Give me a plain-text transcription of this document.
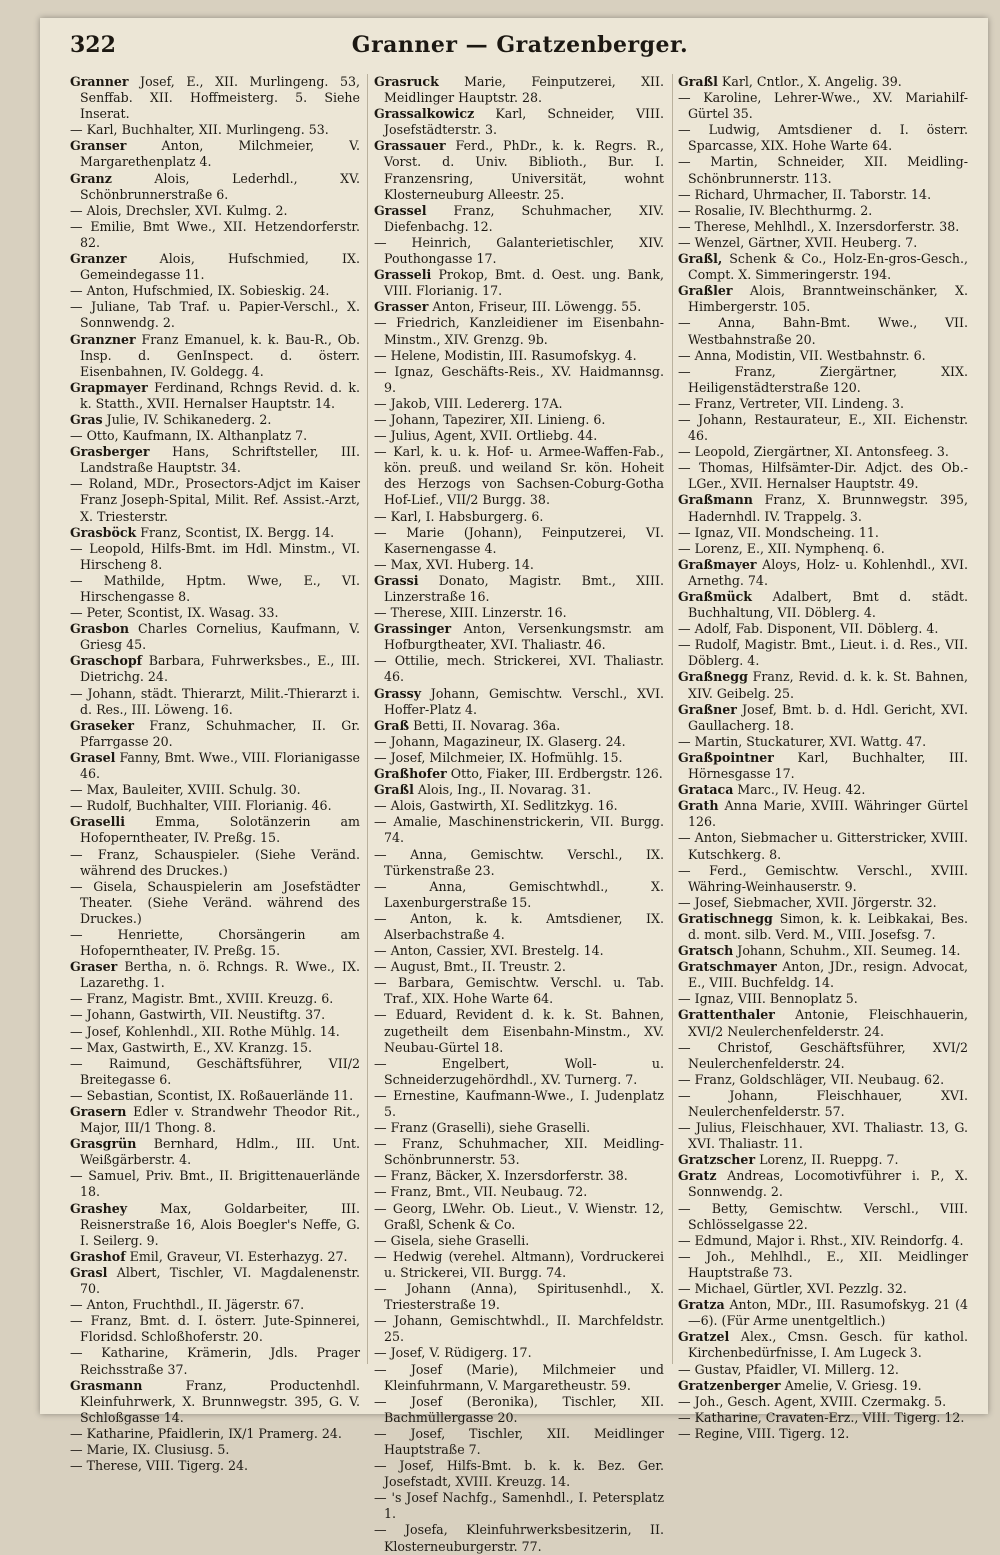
322	Granner — Gratzenberger.
Granner Josef, E., XII. Murlingeng. 53, Senffab. XII. Hoffmeisterg. 5. Siehe Inserat.
— Karl, Buchhalter, XII. Murlingeng. 53.
Granser Anton, Milchmeier, V. Margarethenplatz 4.
Granz Alois, Lederhdl., XV. Schönbrunnerstraße 6.
— Alois, Drechsler, XVI. Kulmg. 2.
— Emilie, Bmt Wwe., XII. Hetzendorferstr. 82.
Granzer Alois, Hufschmied, IX. Gemeindegasse 11.
— Anton, Hufschmied, IX. Sobieskig. 24.
— Juliane, Tab Traf. u. Papier-Verschl., X. Sonnwendg. 2.
Granzner Franz Emanuel, k. k. Bau-R., Ob. Insp. d. GenInspect. d. österr. Eisenbahnen, IV. Goldegg. 4.
Grapmayer Ferdinand, Rchngs Revid. d. k. k. Statth., XVII. Hernalser Hauptstr. 14.
Gras Julie, IV. Schikanederg. 2.
— Otto, Kaufmann, IX. Althanplatz 7.
Grasberger Hans, Schriftsteller, III. Landstraße Hauptstr. 34.
— Roland, MDr., Prosectors-Adjct im Kaiser Franz Joseph-Spital, Milit. Ref. Assist.-Arzt, X. Triesterstr.
Grasböck Franz, Scontist, IX. Bergg. 14.
— Leopold, Hilfs-Bmt. im Hdl. Minstm., VI. Hirscheng 8.
— Mathilde, Hptm. Wwe, E., VI. Hirschengasse 8.
— Peter, Scontist, IX. Wasag. 33.
Grasbon Charles Cornelius, Kaufmann, V. Griesg 45.
Graschopf Barbara, Fuhrwerksbes., E., III. Dietrichg. 24.
— Johann, städt. Thierarzt, Milit.-Thierarzt i. d. Res., III. Löweng. 16.
Graseker Franz, Schuhmacher, II. Gr. Pfarrgasse 20.
Grasel Fanny, Bmt. Wwe., VIII. Florianigasse 46.
— Max, Bauleiter, XVIII. Schulg. 30.
— Rudolf, Buchhalter, VIII. Florianig. 46.
Graselli Emma, Solotänzerin am Hofoperntheater, IV. Preßg. 15.
— Franz, Schauspieler. (Siehe Veränd. während des Druckes.)
— Gisela, Schauspielerin am Josefstädter Theater. (Siehe Veränd. während des Druckes.)
— Henriette, Chorsängerin am Hofoperntheater, IV. Preßg. 15.
Graser Bertha, n. ö. Rchngs. R. Wwe., IX. Lazarethg. 1.
— Franz, Magistr. Bmt., XVIII. Kreuzg. 6.
— Johann, Gastwirth, VII. Neustiftg. 37.
— Josef, Kohlenhdl., XII. Rothe Mühlg. 14.
— Max, Gastwirth, E., XV. Kranzg. 15.
— Raimund, Geschäftsführer, VII/2 Breitegasse 6.
— Sebastian, Scontist, IX. Roßauerlände 11.
Grasern Edler v. Strandwehr Theodor Rit., Major, III/1 Thong. 8.
Grasgrün Bernhard, Hdlm., III. Unt. Weißgärberstr. 4.
— Samuel, Priv. Bmt., II. Brigittenauerlände 18.
Grashey Max, Goldarbeiter, III. Reisnerstraße 16, Alois Boegler's Neffe, G. I. Seilerg. 9.
Grashof Emil, Graveur, VI. Esterhazyg. 27.
Grasl Albert, Tischler, VI. Magdalenenstr. 70.
— Anton, Fruchthdl., II. Jägerstr. 67.
— Franz, Bmt. d. I. österr. Jute-Spinnerei, Floridsd. Schloßhoferstr. 20.
— Katharine, Krämerin, Jdls. Prager Reichsstraße 37.
Grasmann Franz, Productenhdl. Kleinfuhrwerk, X. Brunnwegstr. 395, G. V. Schloßgasse 14.
— Katharine, Pfaidlerin, IX/1 Pramerg. 24.
— Marie, IX. Clusiusg. 5.
— Therese, VIII. Tigerg. 24.
Grasruck Marie, Feinputzerei, XII. Meidlinger Hauptstr. 28.
Grassalkowicz Karl, Schneider, VIII. Josefstädterstr. 3.
Grassauer Ferd., PhDr., k. k. Regrs. R., Vorst. d. Univ. Biblioth., Bur. I. Franzensring, Universität, wohnt Klosterneuburg Alleestr. 25.
Grassel Franz, Schuhmacher, XIV. Diefenbachg. 12.
— Heinrich, Galanterietischler, XIV. Pouthongasse 17.
Grasseli Prokop, Bmt. d. Oest. ung. Bank, VIII. Florianig. 17.
Grasser Anton, Friseur, III. Löwengg. 55.
— Friedrich, Kanzleidiener im Eisenbahn-Minstm., XIV. Grenzg. 9b.
— Helene, Modistin, III. Rasumofskyg. 4.
— Ignaz, Geschäfts-Reis., XV. Haidmannsg. 9.
— Jakob, VIII. Ledererg. 17A.
— Johann, Tapezirer, XII. Linieng. 6.
— Julius, Agent, XVII. Ortliebg. 44.
— Karl, k. u. k. Hof- u. Armee-Waffen-Fab., kön. preuß. und weiland Sr. kön. Hoheit des Herzogs von Sachsen-Coburg-Gotha Hof-Lief., VII/2 Burgg. 38.
— Karl, I. Habsburgerg. 6.
— Marie (Johann), Feinputzerei, VI. Kasernengasse 4.
— Max, XVI. Huberg. 14.
Grassi Donato, Magistr. Bmt., XIII. Linzerstraße 16.
— Therese, XIII. Linzerstr. 16.
Grassinger Anton, Versenkungsmstr. am Hofburgtheater, XVI. Thaliastr. 46.
— Ottilie, mech. Strickerei, XVI. Thaliastr. 46.
Grassy Johann, Gemischtw. Verschl., XVI. Hoffer-Platz 4.
Graß Betti, II. Novarag. 36a.
— Johann, Magazineur, IX. Glaserg. 24.
— Josef, Milchmeier, IX. Hofmühlg. 15.
Graßhofer Otto, Fiaker, III. Erdbergstr. 126.
Graßl Alois, Ing., II. Novarag. 31.
— Alois, Gastwirth, XI. Sedlitzkyg. 16.
— Amalie, Maschinenstrickerin, VII. Burgg. 74.
— Anna, Gemischtw. Verschl., IX. Türkenstraße 23.
— Anna, Gemischtwhdl., X. Laxenburgerstraße 15.
— Anton, k. k. Amtsdiener, IX. Alserbachstraße 4.
— Anton, Cassier, XVI. Brestelg. 14.
— August, Bmt., II. Treustr. 2.
— Barbara, Gemischtw. Verschl. u. Tab. Traf., XIX. Hohe Warte 64.
— Eduard, Revident d. k. k. St. Bahnen, zugetheilt dem Eisenbahn-Minstm., XV. Neubau-Gürtel 18.
— Engelbert, Woll- u. Schneiderzugehördhdl., XV. Turnerg. 7.
— Ernestine, Kaufmann-Wwe., I. Judenplatz 5.
— Franz (Graselli), siehe Graselli.
— Franz, Schuhmacher, XII. Meidling-Schönbrunnerstr. 53.
— Franz, Bäcker, X. Inzersdorferstr. 38.
— Franz, Bmt., VII. Neubaug. 72.
— Georg, LWehr. Ob. Lieut., V. Wienstr. 12, Graßl, Schenk & Co.
— Gisela, siehe Graselli.
— Hedwig (verehel. Altmann), Vordruckerei u. Strickerei, VII. Burgg. 74.
— Johann (Anna), Spiritusenhdl., X. Triesterstraße 19.
— Johann, Gemischtwhdl., II. Marchfeldstr. 25.
— Josef, V. Rüdigerg. 17.
— Josef (Marie), Milchmeier und Kleinfuhrmann, V. Margaretheustr. 59.
— Josef (Beronika), Tischler, XII. Bachmüllergasse 20.
— Josef, Tischler, XII. Meidlinger Hauptstraße 7.
— Josef, Hilfs-Bmt. b. k. k. Bez. Ger. Josefstadt, XVIII. Kreuzg. 14.
— 's Josef Nachfg., Samenhdl., I. Petersplatz 1.
— Josefa, Kleinfuhrwerksbesitzerin, II. Klosterneuburgerstr. 77.
Graßl Karl, Cntlor., X. Angelig. 39.
— Karoline, Lehrer-Wwe., XV. Mariahilf-Gürtel 35.
— Ludwig, Amtsdiener d. I. österr. Sparcasse, XIX. Hohe Warte 64.
— Martin, Schneider, XII. Meidling-Schönbrunnerstr. 113.
— Richard, Uhrmacher, II. Taborstr. 14.
— Rosalie, IV. Blechthurmg. 2.
— Therese, Mehlhdl., X. Inzersdorferstr. 38.
— Wenzel, Gärtner, XVII. Heuberg. 7.
Graßl, Schenk & Co., Holz-En-gros-Gesch., Compt. X. Simmeringerstr. 194.
Graßler Alois, Branntweinschänker, X. Himbergerstr. 105.
— Anna, Bahn-Bmt. Wwe., VII. Westbahnstraße 20.
— Anna, Modistin, VII. Westbahnstr. 6.
— Franz, Ziergärtner, XIX. Heiligenstädterstraße 120.
— Franz, Vertreter, VII. Lindeng. 3.
— Johann, Restaurateur, E., XII. Eichenstr. 46.
— Leopold, Ziergärtner, XI. Antonsfeeg. 3.
— Thomas, Hilfsämter-Dir. Adjct. des Ob.-LGer., XVII. Hernalser Hauptstr. 49.
Graßmann Franz, X. Brunnwegstr. 395, Hadernhdl. IV. Trappelg. 3.
— Ignaz, VII. Mondscheing. 11.
— Lorenz, E., XII. Nymphenq. 6.
Graßmayer Aloys, Holz- u. Kohlenhdl., XVI. Arnethg. 74.
Graßmück Adalbert, Bmt d. städt. Buchhaltung, VII. Döblerg. 4.
— Adolf, Fab. Disponent, VII. Döblerg. 4.
— Rudolf, Magistr. Bmt., Lieut. i. d. Res., VII. Döblerg. 4.
Graßnegg Franz, Revid. d. k. k. St. Bahnen, XIV. Geibelg. 25.
Graßner Josef, Bmt. b. d. Hdl. Gericht, XVI. Gaullacherg. 18.
— Martin, Stuckaturer, XVI. Wattg. 47.
Graßpointner Karl, Buchhalter, III. Hörnesgasse 17.
Grataca Marc., IV. Heug. 42.
Grath Anna Marie, XVIII. Währinger Gürtel 126.
— Anton, Siebmacher u. Gitterstricker, XVIII. Kutschkerg. 8.
— Ferd., Gemischtw. Verschl., XVIII. Währing-Weinhauserstr. 9.
— Josef, Siebmacher, XVII. Jörgerstr. 32.
Gratischnegg Simon, k. k. Leibkakai, Bes. d. mont. silb. Verd. M., VIII. Josefsg. 7.
Gratsch Johann, Schuhm., XII. Seumeg. 14.
Gratschmayer Anton, JDr., resign. Advocat, E., VIII. Buchfeldg. 14.
— Ignaz, VIII. Bennoplatz 5.
Grattenthaler Antonie, Fleischhauerin, XVI/2 Neulerchenfelderstr. 24.
— Christof, Geschäftsführer, XVI/2 Neulerchenfelderstr. 24.
— Franz, Goldschläger, VII. Neubaug. 62.
— Johann, Fleischhauer, XVI. Neulerchenfelderstr. 57.
— Julius, Fleischhauer, XVI. Thaliastr. 13, G. XVI. Thaliastr. 11.
Gratzscher Lorenz, II. Rueppg. 7.
Gratz Andreas, Locomotivführer i. P., X. Sonnwendg. 2.
— Betty, Gemischtw. Verschl., VIII. Schlösselgasse 22.
— Edmund, Major i. Rhst., XIV. Reindorfg. 4.
— Joh., Mehlhdl., E., XII. Meidlinger Hauptstraße 73.
— Michael, Gürtler, XVI. Pezzlg. 32.
Gratza Anton, MDr., III. Rasumofskyg. 21 (4—6). (Für Arme unentgeltlich.)
Gratzel Alex., Cmsn. Gesch. für kathol. Kirchenbedürfnisse, I. Am Lugeck 3.
— Gustav, Pfaidler, VI. Millerg. 12.
Gratzenberger Amelie, V. Griesg. 19.
— Joh., Gesch. Agent, XVIII. Czermakg. 5.
— Katharine, Cravaten-Erz., VIII. Tigerg. 12.
— Regine, VIII. Tigerg. 12.
